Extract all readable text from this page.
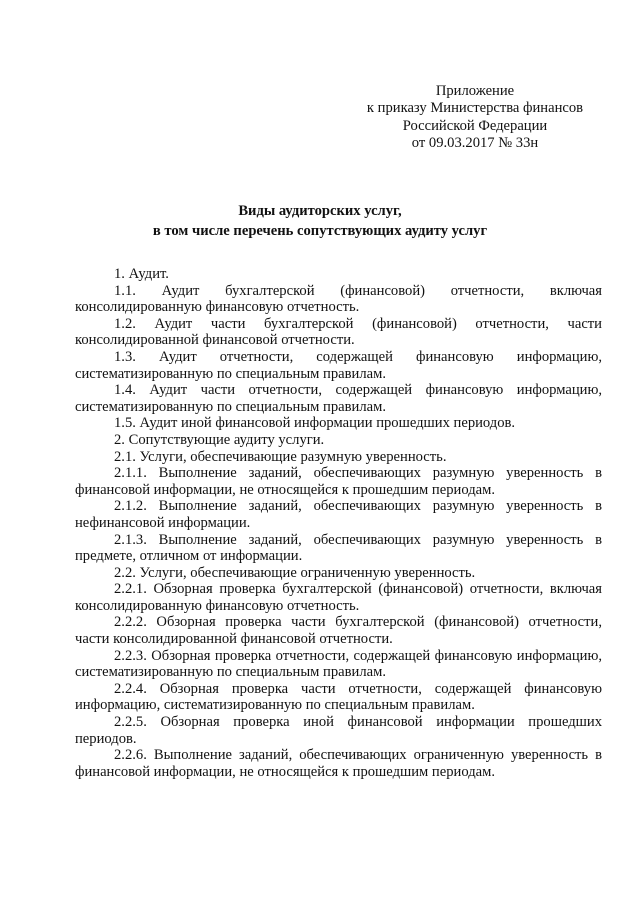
Приложение
к приказу Министерства финансов
Российской Федерации
от 09.03.2017 № 33н
Виды аудиторских услуг,
в том числе перечень сопутствующих аудиту услуг

1. Аудит.

1.1. Аудит бухгалтерской (финансовой) отчетности, включая консолидированную финансовую отчетность.

1.2. Аудит части бухгалтерской (финансовой) отчетности, части консолидированной финансовой отчетности.

1.3. Аудит отчетности, содержащей финансовую информацию, систематизированную по специальным правилам.

1.4. Аудит части отчетности, содержащей финансовую информацию, систематизированную по специальным правилам.

1.5. Аудит иной финансовой информации прошедших периодов.

2. Сопутствующие аудиту услуги.

2.1. Услуги, обеспечивающие разумную уверенность.

2.1.1. Выполнение заданий, обеспечивающих разумную уверенность в финансовой информации, не относящейся к прошедшим периодам.

2.1.2. Выполнение заданий, обеспечивающих разумную уверенность в нефинансовой информации.

2.1.3. Выполнение заданий, обеспечивающих разумную уверенность в предмете, отличном от информации.

2.2. Услуги, обеспечивающие ограниченную уверенность.

2.2.1. Обзорная проверка бухгалтерской (финансовой) отчетности, включая консолидированную финансовую отчетность.

2.2.2. Обзорная проверка части бухгалтерской (финансовой) отчетности, части консолидированной финансовой отчетности.

2.2.3. Обзорная проверка отчетности, содержащей финансовую информацию, систематизированную по специальным правилам.

2.2.4. Обзорная проверка части отчетности, содержащей финансовую информацию, систематизированную по специальным правилам.

2.2.5. Обзорная проверка иной финансовой информации прошедших периодов.

2.2.6. Выполнение заданий, обеспечивающих ограниченную уверенность в финансовой информации, не относящейся к прошедшим периодам.
